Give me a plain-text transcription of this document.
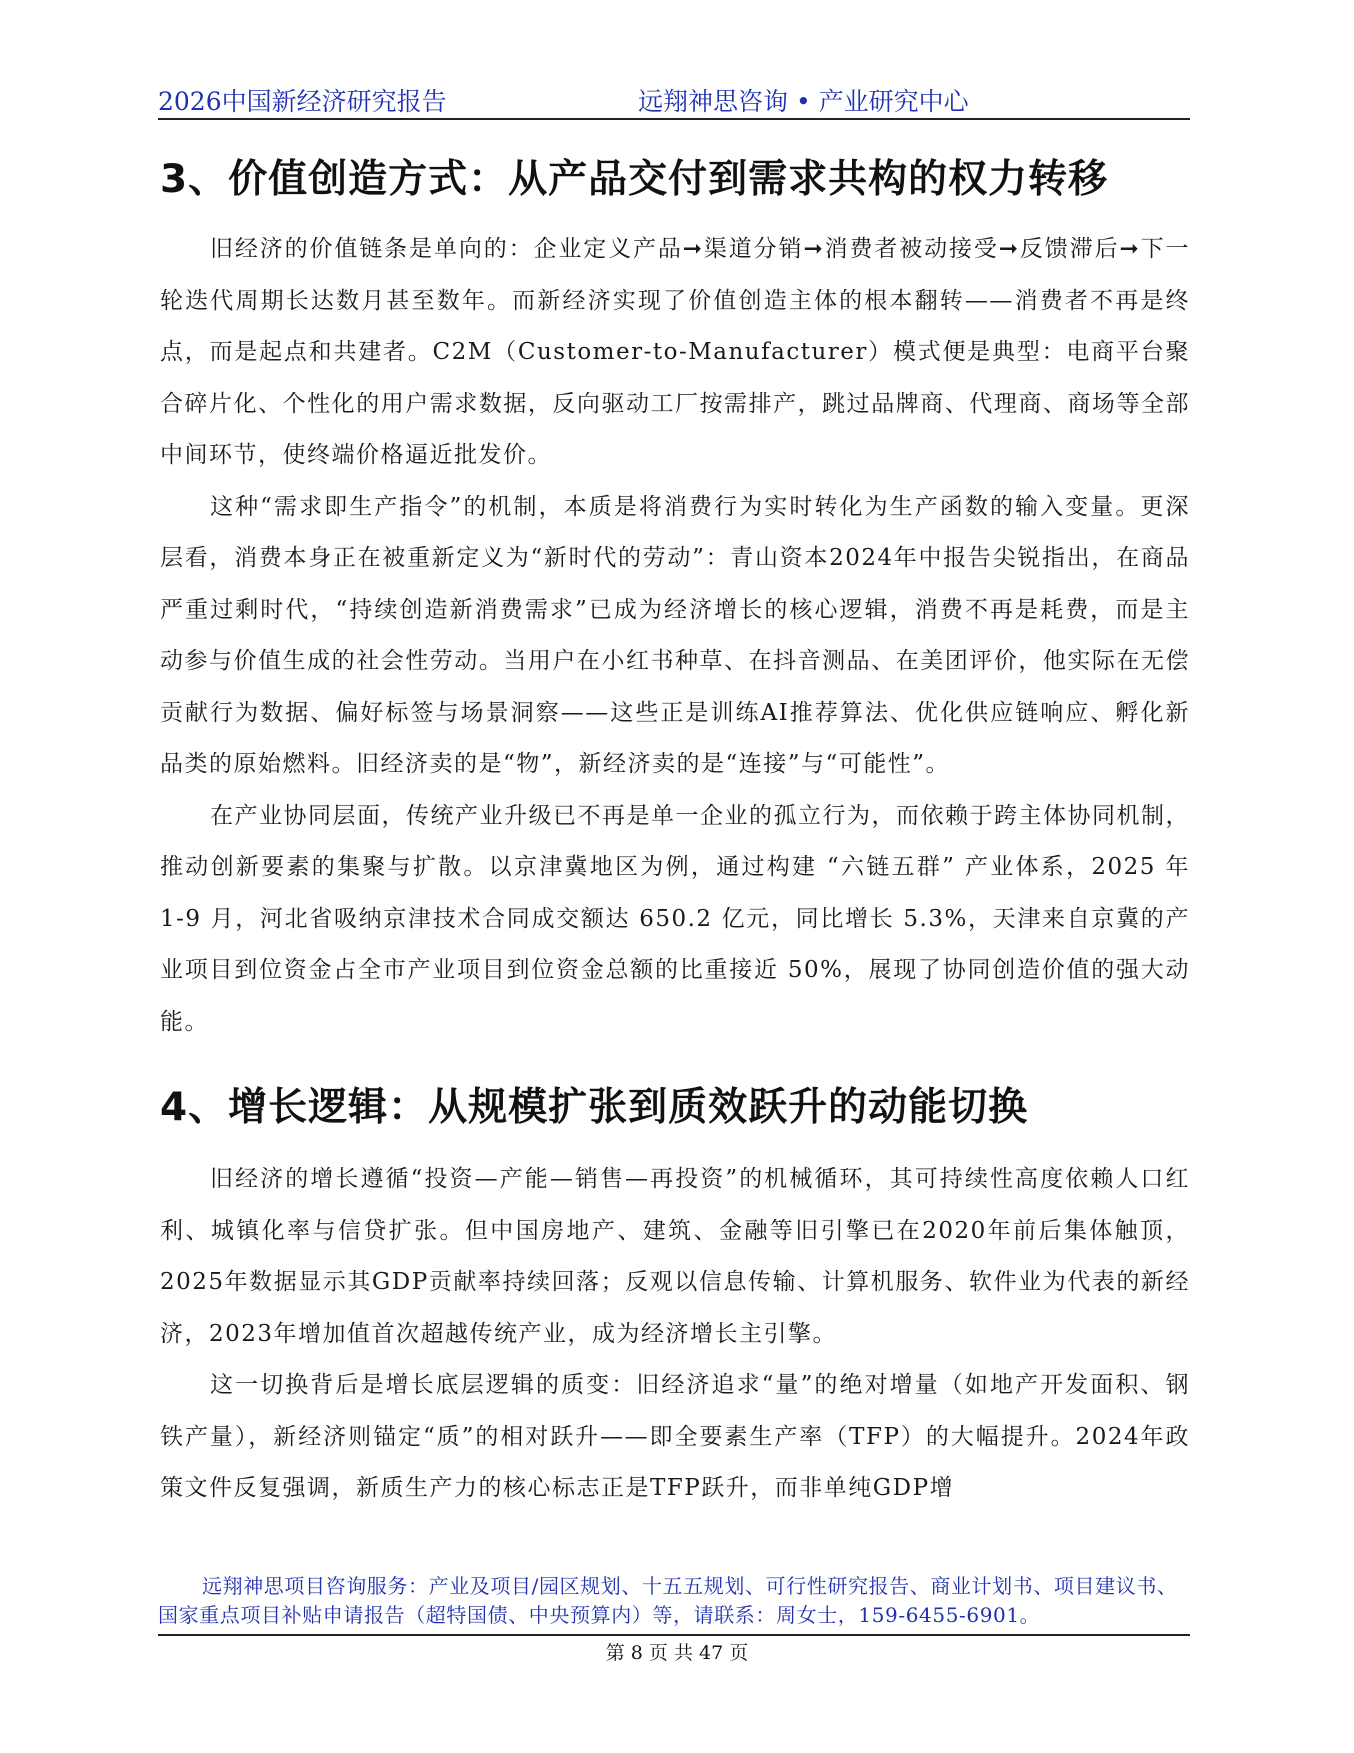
2026中国新经济研究报告	远翔神思咨询 • 产业研究中心
3、价值创造方式：从产品交付到需求共构的权力转移

旧经济的价值链条是单向的：企业定义产品➞渠道分销➞消费者被动接受➞反馈滞后➞下一轮迭代周期长达数月甚至数年。而新经济实现了价值创造主体的根本翻转——消费者不再是终点，而是起点和共建者。C2M（Customer-to-Manufacturer）模式便是典型：电商平台聚合碎片化、个性化的用户需求数据，反向驱动工厂按需排产，跳过品牌商、代理商、商场等全部中间环节，使终端价格逼近批发价。

这种“需求即生产指令”的机制，本质是将消费行为实时转化为生产函数的输入变量。更深层看，消费本身正在被重新定义为“新时代的劳动”：青山资本2024年中报告尖锐指出，在商品严重过剩时代，“持续创造新消费需求”已成为经济增长的核心逻辑，消费不再是耗费，而是主动参与价值生成的社会性劳动。当用户在小红书种草、在抖音测品、在美团评价，他实际在无偿贡献行为数据、偏好标签与场景洞察——这些正是训练AI推荐算法、优化供应链响应、孵化新品类的原始燃料。旧经济卖的是“物”，新经济卖的是“连接”与“可能性”。

在产业协同层面，传统产业升级已不再是单一企业的孤立行为，而依赖于跨主体协同机制，推动创新要素的集聚与扩散。以京津冀地区为例，通过构建 “六链五群” 产业体系，2025 年 1-9 月，河北省吸纳京津技术合同成交额达 650.2 亿元，同比增长 5.3%，天津来自京冀的产业项目到位资金占全市产业项目到位资金总额的比重接近 50%，展现了协同创造价值的强大动能。

4、增长逻辑：从规模扩张到质效跃升的动能切换

旧经济的增长遵循“投资—产能—销售—再投资”的机械循环，其可持续性高度依赖人口红利、城镇化率与信贷扩张。但中国房地产、建筑、金融等旧引擎已在2020年前后集体触顶，2025年数据显示其GDP贡献率持续回落；反观以信息传输、计算机服务、软件业为代表的新经济，2023年增加值首次超越传统产业，成为经济增长主引擎。

这一切换背后是增长底层逻辑的质变：旧经济追求“量”的绝对增量（如地产开发面积、钢铁产量），新经济则锚定“质”的相对跃升——即全要素生产率（TFP）的大幅提升。2024年政策文件反复强调，新质生产力的核心标志正是TFP跃升，而非单纯GDP增

远翔神思项目咨询服务：产业及项目/园区规划、十五五规划、可行性研究报告、商业计划书、项目建议书、国家重点项目补贴申请报告（超特国债、中央预算内）等，请联系：周女士，159-6455-6901。
第 8 页 共 47 页
